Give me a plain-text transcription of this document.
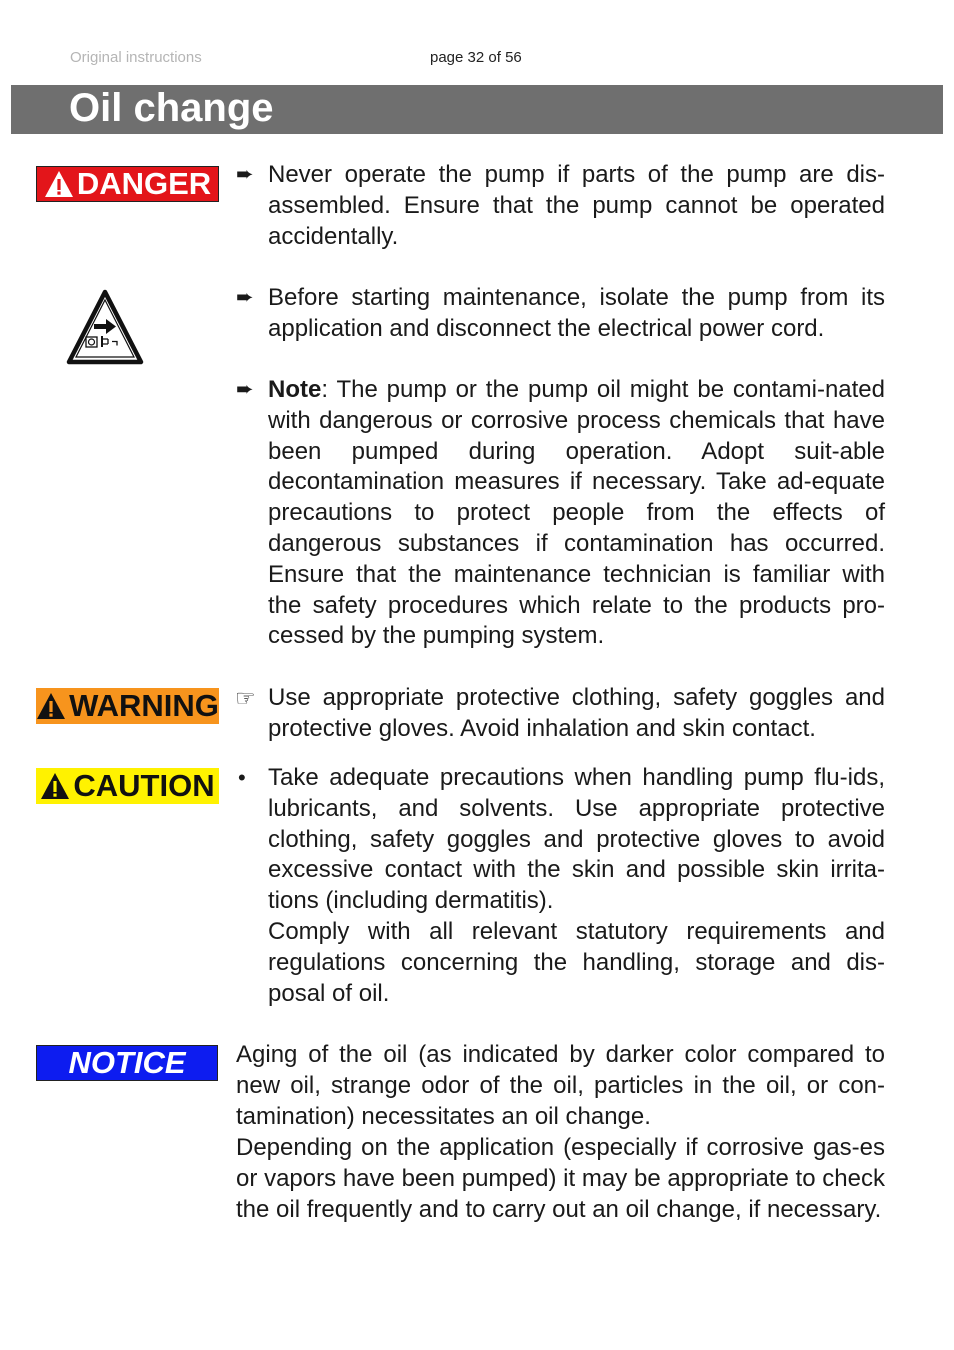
Original instructions	page 32 of 56
Oil change
DANGER ➨ Never operate the pump if parts of the pump are dis-assembled. Ensure that the pump cannot be operated accidentally.

➨ Before starting maintenance, isolate the pump from its application and disconnect the electrical power cord.

➨ Note: The pump or the pump oil might be contami-nated with dangerous or corrosive process chemicals that have been pumped during operation. Adopt suit-able decontamination measures if necessary. Take ad-equate precautions to protect people from the effects of dangerous substances if contamination has occurred. Ensure that the maintenance technician is familiar with the safety procedures which relate to the products pro-cessed by the pumping system.

WARNING ☞ Use appropriate protective clothing, safety goggles and protective gloves. Avoid inhalation and skin contact.

CAUTION • Take adequate precautions when handling pump flu-ids, lubricants, and solvents. Use appropriate protective clothing, safety goggles and protective gloves to avoid excessive contact with the skin and possible skin irrita-tions (including dermatitis).

Comply with all relevant statutory requirements and regulations concerning the handling, storage and dis-posal of oil.

NOTICE Aging of the oil (as indicated by darker color compared to new oil, strange odor of the oil, particles in the oil, or con-tamination) necessitates an oil change.

Depending on the application (especially if corrosive gas-es or vapors have been pumped) it may be appropriate to check the oil frequently and to carry out an oil change, if necessary.
